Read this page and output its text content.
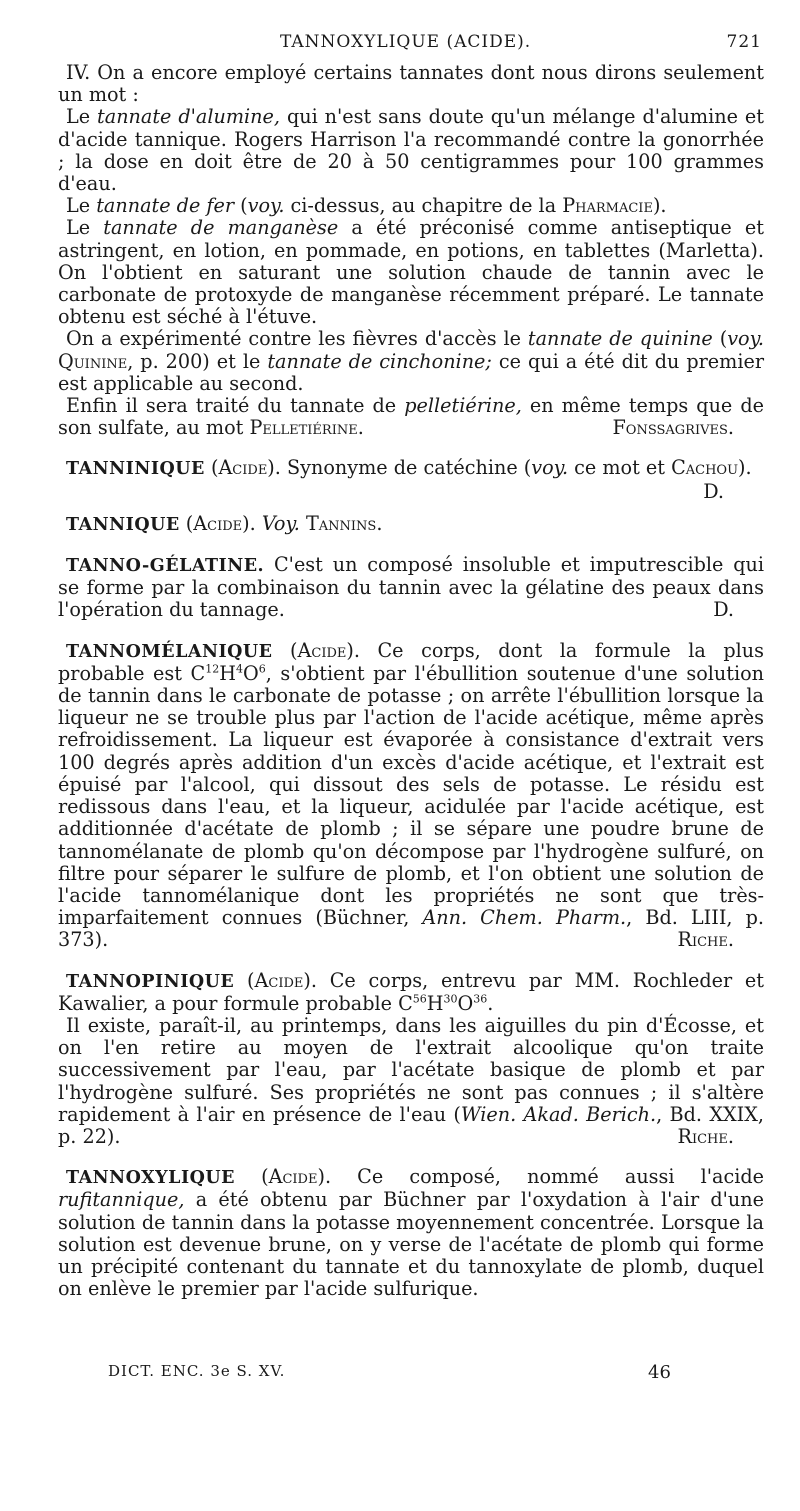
TANNOXYLIQUE (ACIDE).	721

IV. On a encore employé certains tannates dont nous dirons seulement un mot :

Le tannate d'alumine, qui n'est sans doute qu'un mélange d'alumine et d'acide tannique. Rogers Harrison l'a recommandé contre la gonorrhée ; la dose en doit être de 20 à 50 centigrammes pour 100 grammes d'eau.

Le tannate de fer (voy. ci-dessus, au chapitre de la Pharmacie).

Le tannate de manganèse a été préconisé comme antiseptique et astringent, en lotion, en pommade, en potions, en tablettes (Marletta). On l'obtient en saturant une solution chaude de tannin avec le carbonate de protoxyde de manganèse récemment préparé. Le tannate obtenu est séché à l'étuve.

On a expérimenté contre les fièvres d'accès le tannate de quinine (voy. Quinine, p. 200) et le tannate de cinchonine; ce qui a été dit du premier est applicable au second.

Enfin il sera traité du tannate de pelletiérine, en même temps que de son sulfate, au mot Pelletiérine.	Fonssagrives.

TANNINIQUE (Acide). Synonyme de catéchine (voy. ce mot et Cachou).

D.

TANNIQUE (Acide). Voy. Tannins.

TANNO-GÉLATINE. C'est un composé insoluble et imputrescible qui se forme par la combinaison du tannin avec la gélatine des peaux dans l'opération du tannage.	D.

TANNOMÉLANIQUE (Acide). Ce corps, dont la formule la plus probable est $C^{12}H^4O^6$, s'obtient par l'ébullition soutenue d'une solution de tannin dans le carbonate de potasse ; on arrête l'ébullition lorsque la liqueur ne se trouble plus par l'action de l'acide acétique, même après refroidissement. La liqueur est évaporée à consistance d'extrait vers 100 degrés après addition d'un excès d'acide acétique, et l'extrait est épuisé par l'alcool, qui dissout des sels de potasse. Le résidu est redissous dans l'eau, et la liqueur, acidulée par l'acide acétique, est additionnée d'acétate de plomb ; il se sépare une poudre brune de tannomélanate de plomb qu'on décompose par l'hydrogène sulfuré, on filtre pour séparer le sulfure de plomb, et l'on obtient une solution de l'acide tannomélanique dont les propriétés ne sont que très-imparfaitement connues (Büchner, Ann. Chem. Pharm., Bd. LIII, p. 373).	Riche.

TANNOPINIQUE (Acide). Ce corps, entrevu par MM. Rochleder et Kawalier, a pour formule probable $C^{56}H^{30}O^{36}$.

Il existe, paraît-il, au printemps, dans les aiguilles du pin d'Écosse, et on l'en retire au moyen de l'extrait alcoolique qu'on traite successivement par l'eau, par l'acétate basique de plomb et par l'hydrogène sulfuré. Ses propriétés ne sont pas connues ; il s'altère rapidement à l'air en présence de l'eau (Wien. Akad. Berich., Bd. XXIX, p. 22).	Riche.

TANNOXYLIQUE (Acide). Ce composé, nommé aussi l'acide rufitannique, a été obtenu par Büchner par l'oxydation à l'air d'une solution de tannin dans la potasse moyennement concentrée. Lorsque la solution est devenue brune, on y verse de l'acétate de plomb qui forme un précipité contenant du tannate et du tannoxylate de plomb, duquel on enlève le premier par l'acide sulfurique.

DICT. ENC. 3e S. XV.	46
